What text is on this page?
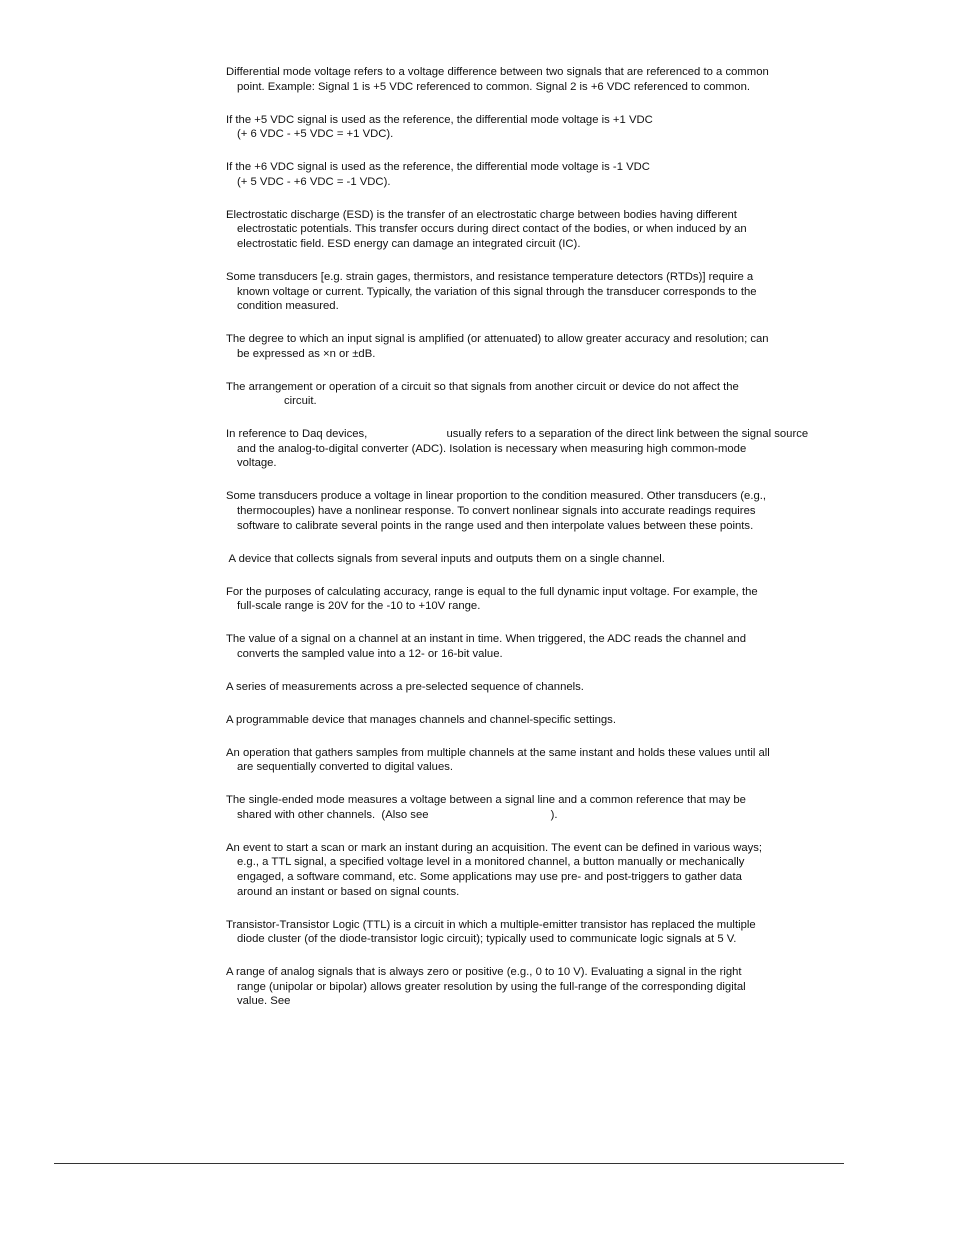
Differential mode voltage refers to a voltage difference between two signals that are referenced to a common
point. Example: Signal 1 is +5 VDC referenced to common. Signal 2 is +6 VDC referenced to common.
If the +5 VDC signal is used as the reference, the differential mode voltage is +1 VDC
(+ 6 VDC - +5 VDC = +1 VDC).
If the +6 VDC signal is used as the reference, the differential mode voltage is -1 VDC
(+ 5 VDC - +6 VDC = -1 VDC).
Electrostatic discharge (ESD) is the transfer of an electrostatic charge between bodies having different
electrostatic potentials. This transfer occurs during direct contact of the bodies, or when induced by an
electrostatic field. ESD energy can damage an integrated circuit (IC).
Some transducers [e.g. strain gages, thermistors, and resistance temperature detectors (RTDs)] require a
known voltage or current. Typically, the variation of this signal through the transducer corresponds to the
condition measured.
The degree to which an input signal is amplified (or attenuated) to allow greater accuracy and resolution; can
be expressed as ×n or ±dB.
The arrangement or operation of a circuit so that signals from another circuit or device do not affect the
circuit.
In reference to Daq devices,	usually refers to a separation of the direct link between the signal source
and the analog-to-digital converter (ADC). Isolation is necessary when measuring high common-mode
voltage.
Some transducers produce a voltage in linear proportion to the condition measured. Other transducers (e.g.,
thermocouples) have a nonlinear response. To convert nonlinear signals into accurate readings requires
software to calibrate several points in the range used and then interpolate values between these points.
A device that collects signals from several inputs and outputs them on a single channel.
For the purposes of calculating accuracy, range is equal to the full dynamic input voltage. For example, the
full-scale range is 20V for the -10 to +10V range.
The value of a signal on a channel at an instant in time. When triggered, the ADC reads the channel and
converts the sampled value into a 12- or 16-bit value.
A series of measurements across a pre-selected sequence of channels.
A programmable device that manages channels and channel-specific settings.
An operation that gathers samples from multiple channels at the same instant and holds these values until all
are sequentially converted to digital values.
The single-ended mode measures a voltage between a signal line and a common reference that may be
shared with other channels.  (Also see	).
An event to start a scan or mark an instant during an acquisition. The event can be defined in various ways;
e.g., a TTL signal, a specified voltage level in a monitored channel, a button manually or mechanically
engaged, a software command, etc. Some applications may use pre- and post-triggers to gather data
around an instant or based on signal counts.
Transistor-Transistor Logic (TTL) is a circuit in which a multiple-emitter transistor has replaced the multiple
diode cluster (of the diode-transistor logic circuit); typically used to communicate logic signals at 5 V.
A range of analog signals that is always zero or positive (e.g., 0 to 10 V). Evaluating a signal in the right
range (unipolar or bipolar) allows greater resolution by using the full-range of the corresponding digital
value. See
